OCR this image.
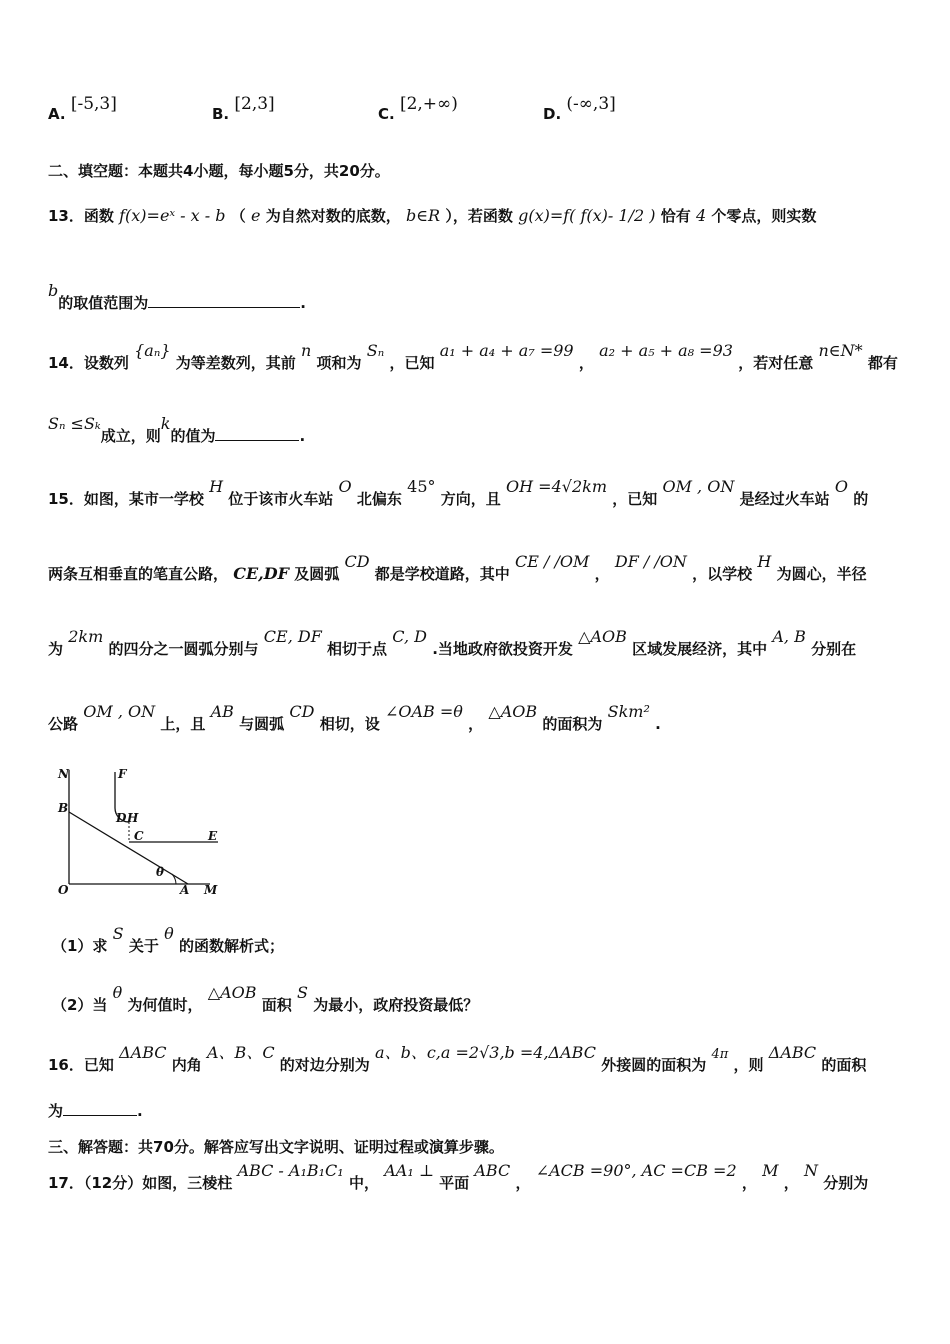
A. [-5,3]	B. [2,3]	C. [2,+∞)	D. (-∞,3]
二、填空题：本题共4小题，每小题5分，共20分。
13．函数 f(x)=eˣ - x - b （ e 为自然对数的底数， b∈R ），若函数 g(x)=f( f(x)- 1/2 ) 恰有 4 个零点，则实数
b的取值范围为	.
14．设数列 {aₙ} 为等差数列，其前 n 项和为 Sₙ ，已知 a₁ + a₄ + a₇ =99 ， a₂ + a₅ + a₈ =93 ，若对任意 n∈N* 都有
Sₙ ≤Sₖ成立，则k的值为	.
15．如图，某市一学校 H 位于该市火车站 O 北偏东 45° 方向，且 OH =4√2km ，已知 OM , ON 是经过火车站 O 的
两条互相垂直的笔直公路， CE,DF 及圆弧 CD 都是学校道路，其中 CE / /OM ， DF / /ON ，以学校 H 为圆心，半径
为 2km 的四分之一圆弧分别与 CE, DF 相切于点 C, D .当地政府欲投资开发 △AOB 区域发展经济，其中 A, B 分别在
公路 OM , ON 上，且 AB 与圆弧 CD 相切，设 ∠OAB =θ ， △AOB 的面积为 Skm² .
N	F
B
D H
C	E
O
θ
A M
（1）求 S 关于 θ 的函数解析式；
（2）当 θ 为何值时， △AOB 面积 S 为最小，政府投资最低？
16．已知 ΔABC 内角 A、B、C 的对边分别为 a、b、c,a =2√3,b =4,ΔABC 外接圆的面积为 4π ，则 ΔABC 的面积
为	.
三、解答题：共70分。解答应写出文字说明、证明过程或演算步骤。
17．（12分）如图，三棱柱 ABC - A₁B₁C₁ 中， AA₁ ⊥ 平面 ABC ， ∠ACB =90°, AC =CB =2 ， M ， N 分别为
